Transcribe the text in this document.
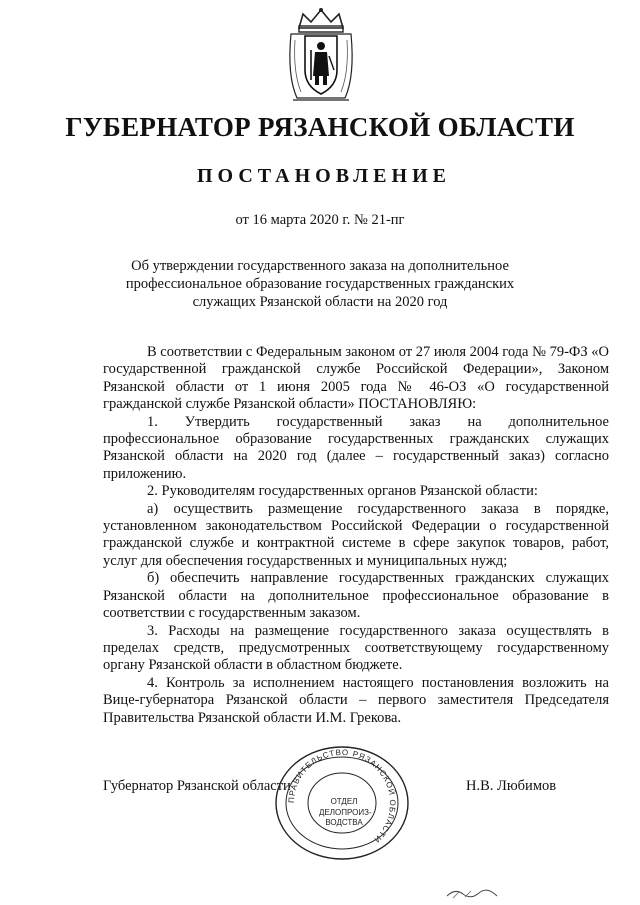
ГУБЕРНАТОР РЯЗАНСКОЙ ОБЛАСТИ
ПОСТАНОВЛЕНИЕ
от 16 марта 2020 г. № 21-пг
Об утверждении государственного заказа на дополнительное
профессиональное образование государственных гражданских
служащих Рязанской области на 2020 год

В соответствии с Федеральным законом от 27 июля 2004 года № 79-ФЗ «О государственной гражданской службе Российской Федерации», Законом Рязанской области от 1 июня 2005 года № 46-ОЗ «О государственной гражданской службе Рязанской области» ПОСТАНОВЛЯЮ:

1. Утвердить государственный заказ на дополнительное профессиональное образование государственных гражданских служащих Рязанской области на 2020 год (далее – государственный заказ) согласно приложению.

2. Руководителям государственных органов Рязанской области:

а) осуществить размещение государственного заказа в порядке, установленном законодательством Российской Федерации о государственной гражданской службе и контрактной системе в сфере закупок товаров, работ, услуг для обеспечения государственных и муниципальных нужд;

б) обеспечить направление государственных гражданских служащих Рязанской области на дополнительное профессиональное образование в соответствии с государственным заказом.

3. Расходы на размещение государственного заказа осуществлять в пределах средств, предусмотренных соответствующему государственному органу Рязанской области в областном бюджете.

4. Контроль за исполнением настоящего постановления возложить на Вице-губернатора Рязанской области – первого заместителя Председателя Правительства Рязанской области И.М. Грекова.

Губернатор Рязанской области	Н.В. Любимов
ПРАВИТЕЛЬСТВО РЯЗАНСКОЙ ОБЛАСТИ
ОТДЕЛ
ДЕЛОПРОИЗ-
ВОДСТВА
